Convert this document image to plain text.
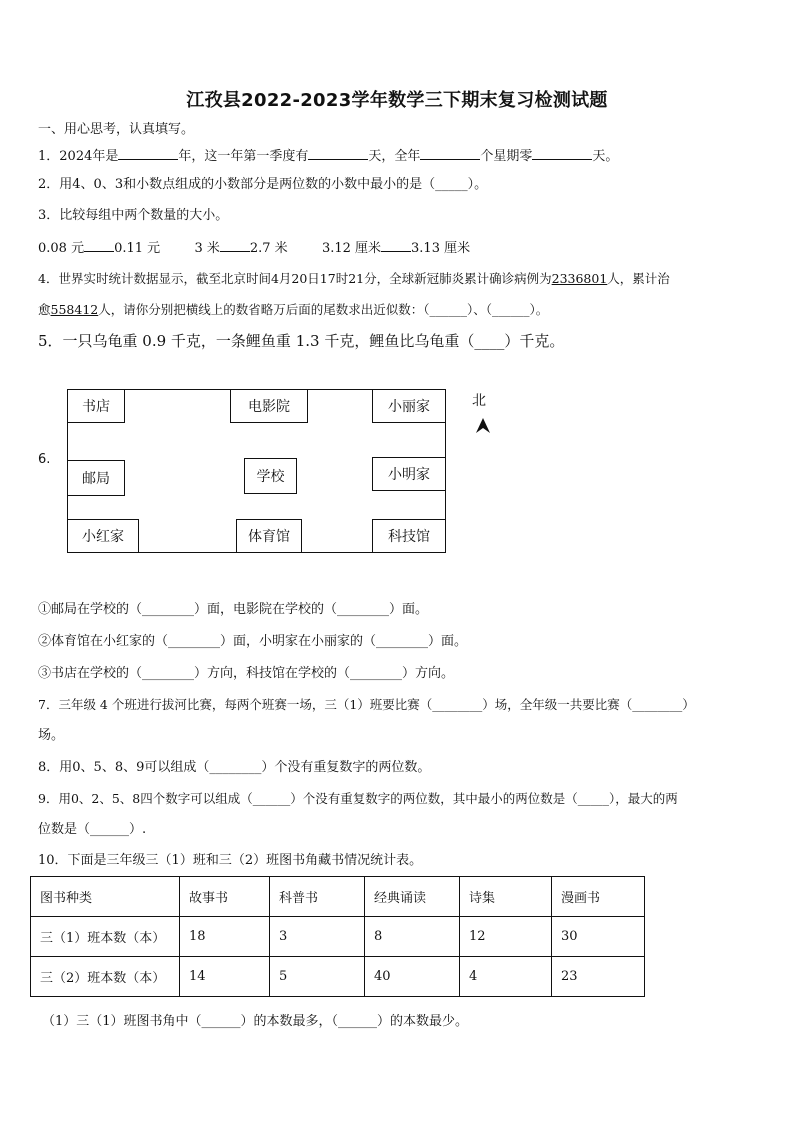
江孜县2022-2023学年数学三下期末复习检测试题
一、用心思考，认真填写。
1．2024年是	年，这一年第一季度有	天，全年	个星期零	天。
2．用4、0、3和小数点组成的小数部分是两位数的小数中最小的是（_____）。
3．比较每组中两个数量的大小。
0.08 元 0.11 元	3 米 2.7 米	3.12 厘米 3.13 厘米
4．世界实时统计数据显示，截至北京时间4月20日17时21分，全球新冠肺炎累计确诊病例为2336801人，累计治
愈558412人，请你分别把横线上的数省略万后面的尾数求出近似数：（______）、（______）。
5．一只乌龟重 0.9 千克，一条鲤鱼重 1.3 千克，鲤鱼比乌龟重（____）千克。
6.
书店	电影院	小丽家
邮局	学校	小明家
小红家	体育馆	科技馆
北
①邮局在学校的（________）面，电影院在学校的（________）面。
②体育馆在小红家的（________）面，小明家在小丽家的（________）面。
③书店在学校的（________）方向，科技馆在学校的（________）方向。
7．三年级 4 个班进行拔河比赛，每两个班赛一场，三（1）班要比赛（________）场，全年级一共要比赛（________）
场。
8．用0、5、8、9可以组成（________）个没有重复数字的两位数。
9．用0、2、5、8四个数字可以组成（______）个没有重复数字的两位数，其中最小的两位数是（_____），最大的两
位数是（______）.
10．下面是三年级三（1）班和三（2）班图书角藏书情况统计表。
图书种类	故事书	科普书	经典诵读	诗集	漫画书
三（1）班本数（本）	18	3	8	12	30
三（2）班本数（本）	14	5	40	4	23
（1）三（1）班图书角中（______）的本数最多，（______）的本数最少。
